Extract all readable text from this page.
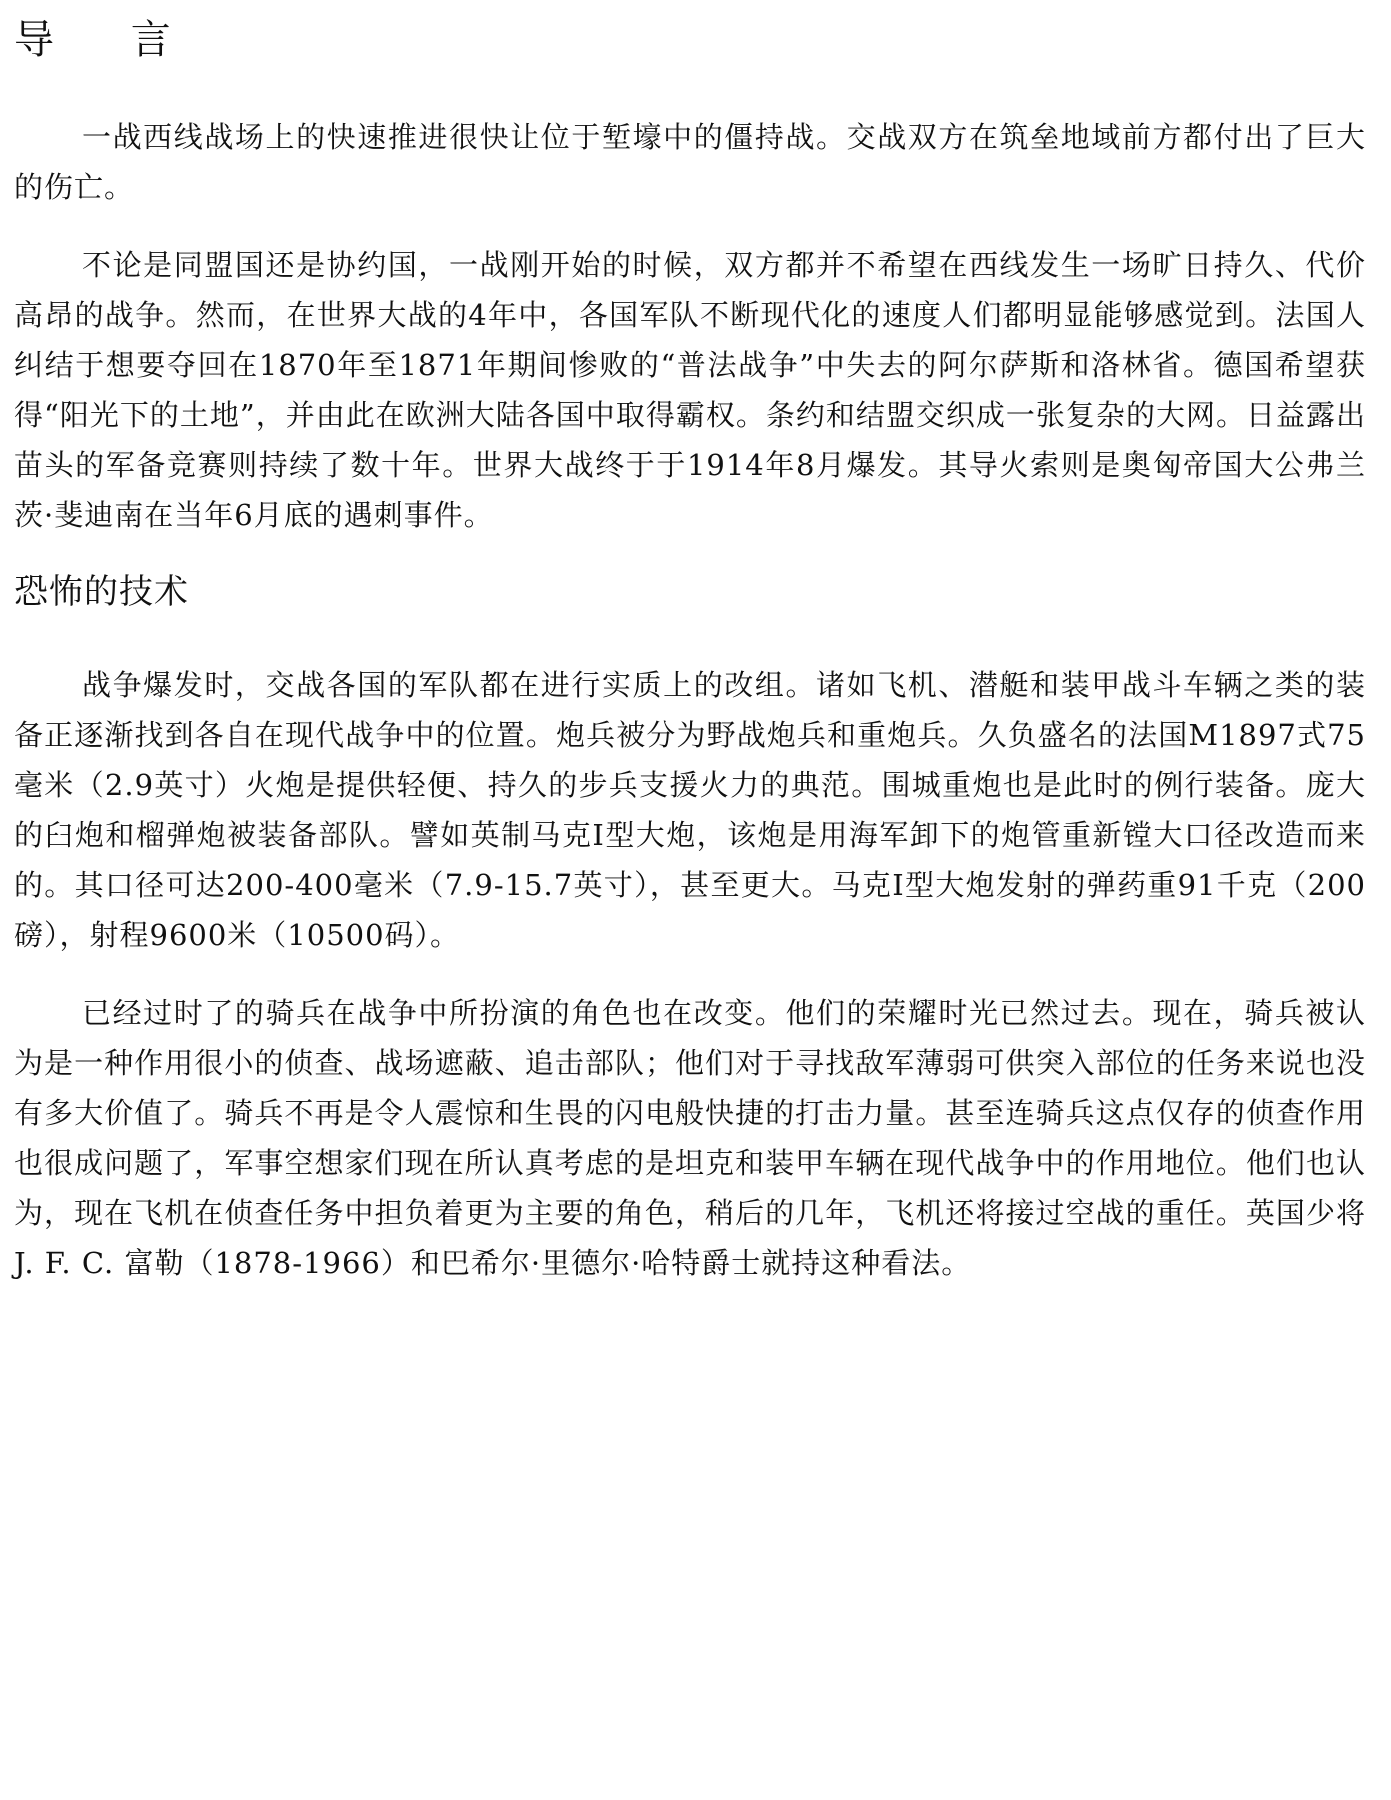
导 言

一战西线战场上的快速推进很快让位于堑壕中的僵持战。交战双方在筑垒地域前方都付出了巨大的伤亡。

不论是同盟国还是协约国，一战刚开始的时候，双方都并不希望在西线发生一场旷日持久、代价高昂的战争。然而，在世界大战的4年中，各国军队不断现代化的速度人们都明显能够感觉到。法国人纠结于想要夺回在1870年至1871年期间惨败的“普法战争”中失去的阿尔萨斯和洛林省。德国希望获得“阳光下的土地”，并由此在欧洲大陆各国中取得霸权。条约和结盟交织成一张复杂的大网。日益露出苗头的军备竞赛则持续了数十年。世界大战终于于1914年8月爆发。其导火索则是奥匈帝国大公弗兰茨·斐迪南在当年6月底的遇刺事件。

恐怖的技术

战争爆发时，交战各国的军队都在进行实质上的改组。诸如飞机、潜艇和装甲战斗车辆之类的装备正逐渐找到各自在现代战争中的位置。炮兵被分为野战炮兵和重炮兵。久负盛名的法国M1897式75毫米（2.9英寸）火炮是提供轻便、持久的步兵支援火力的典范。围城重炮也是此时的例行装备。庞大的臼炮和榴弹炮被装备部队。譬如英制马克I型大炮，该炮是用海军卸下的炮管重新镗大口径改造而来的。其口径可达200-400毫米（7.9-15.7英寸），甚至更大。马克I型大炮发射的弹药重91千克（200磅），射程9600米（10500码）。

已经过时了的骑兵在战争中所扮演的角色也在改变。他们的荣耀时光已然过去。现在，骑兵被认为是一种作用很小的侦查、战场遮蔽、追击部队；他们对于寻找敌军薄弱可供突入部位的任务来说也没有多大价值了。骑兵不再是令人震惊和生畏的闪电般快捷的打击力量。甚至连骑兵这点仅存的侦查作用也很成问题了，军事空想家们现在所认真考虑的是坦克和装甲车辆在现代战争中的作用地位。他们也认为，现在飞机在侦查任务中担负着更为主要的角色，稍后的几年，飞机还将接过空战的重任。英国少将J. F. C. 富勒（1878-1966）和巴希尔·里德尔·哈特爵士就持这种看法。
